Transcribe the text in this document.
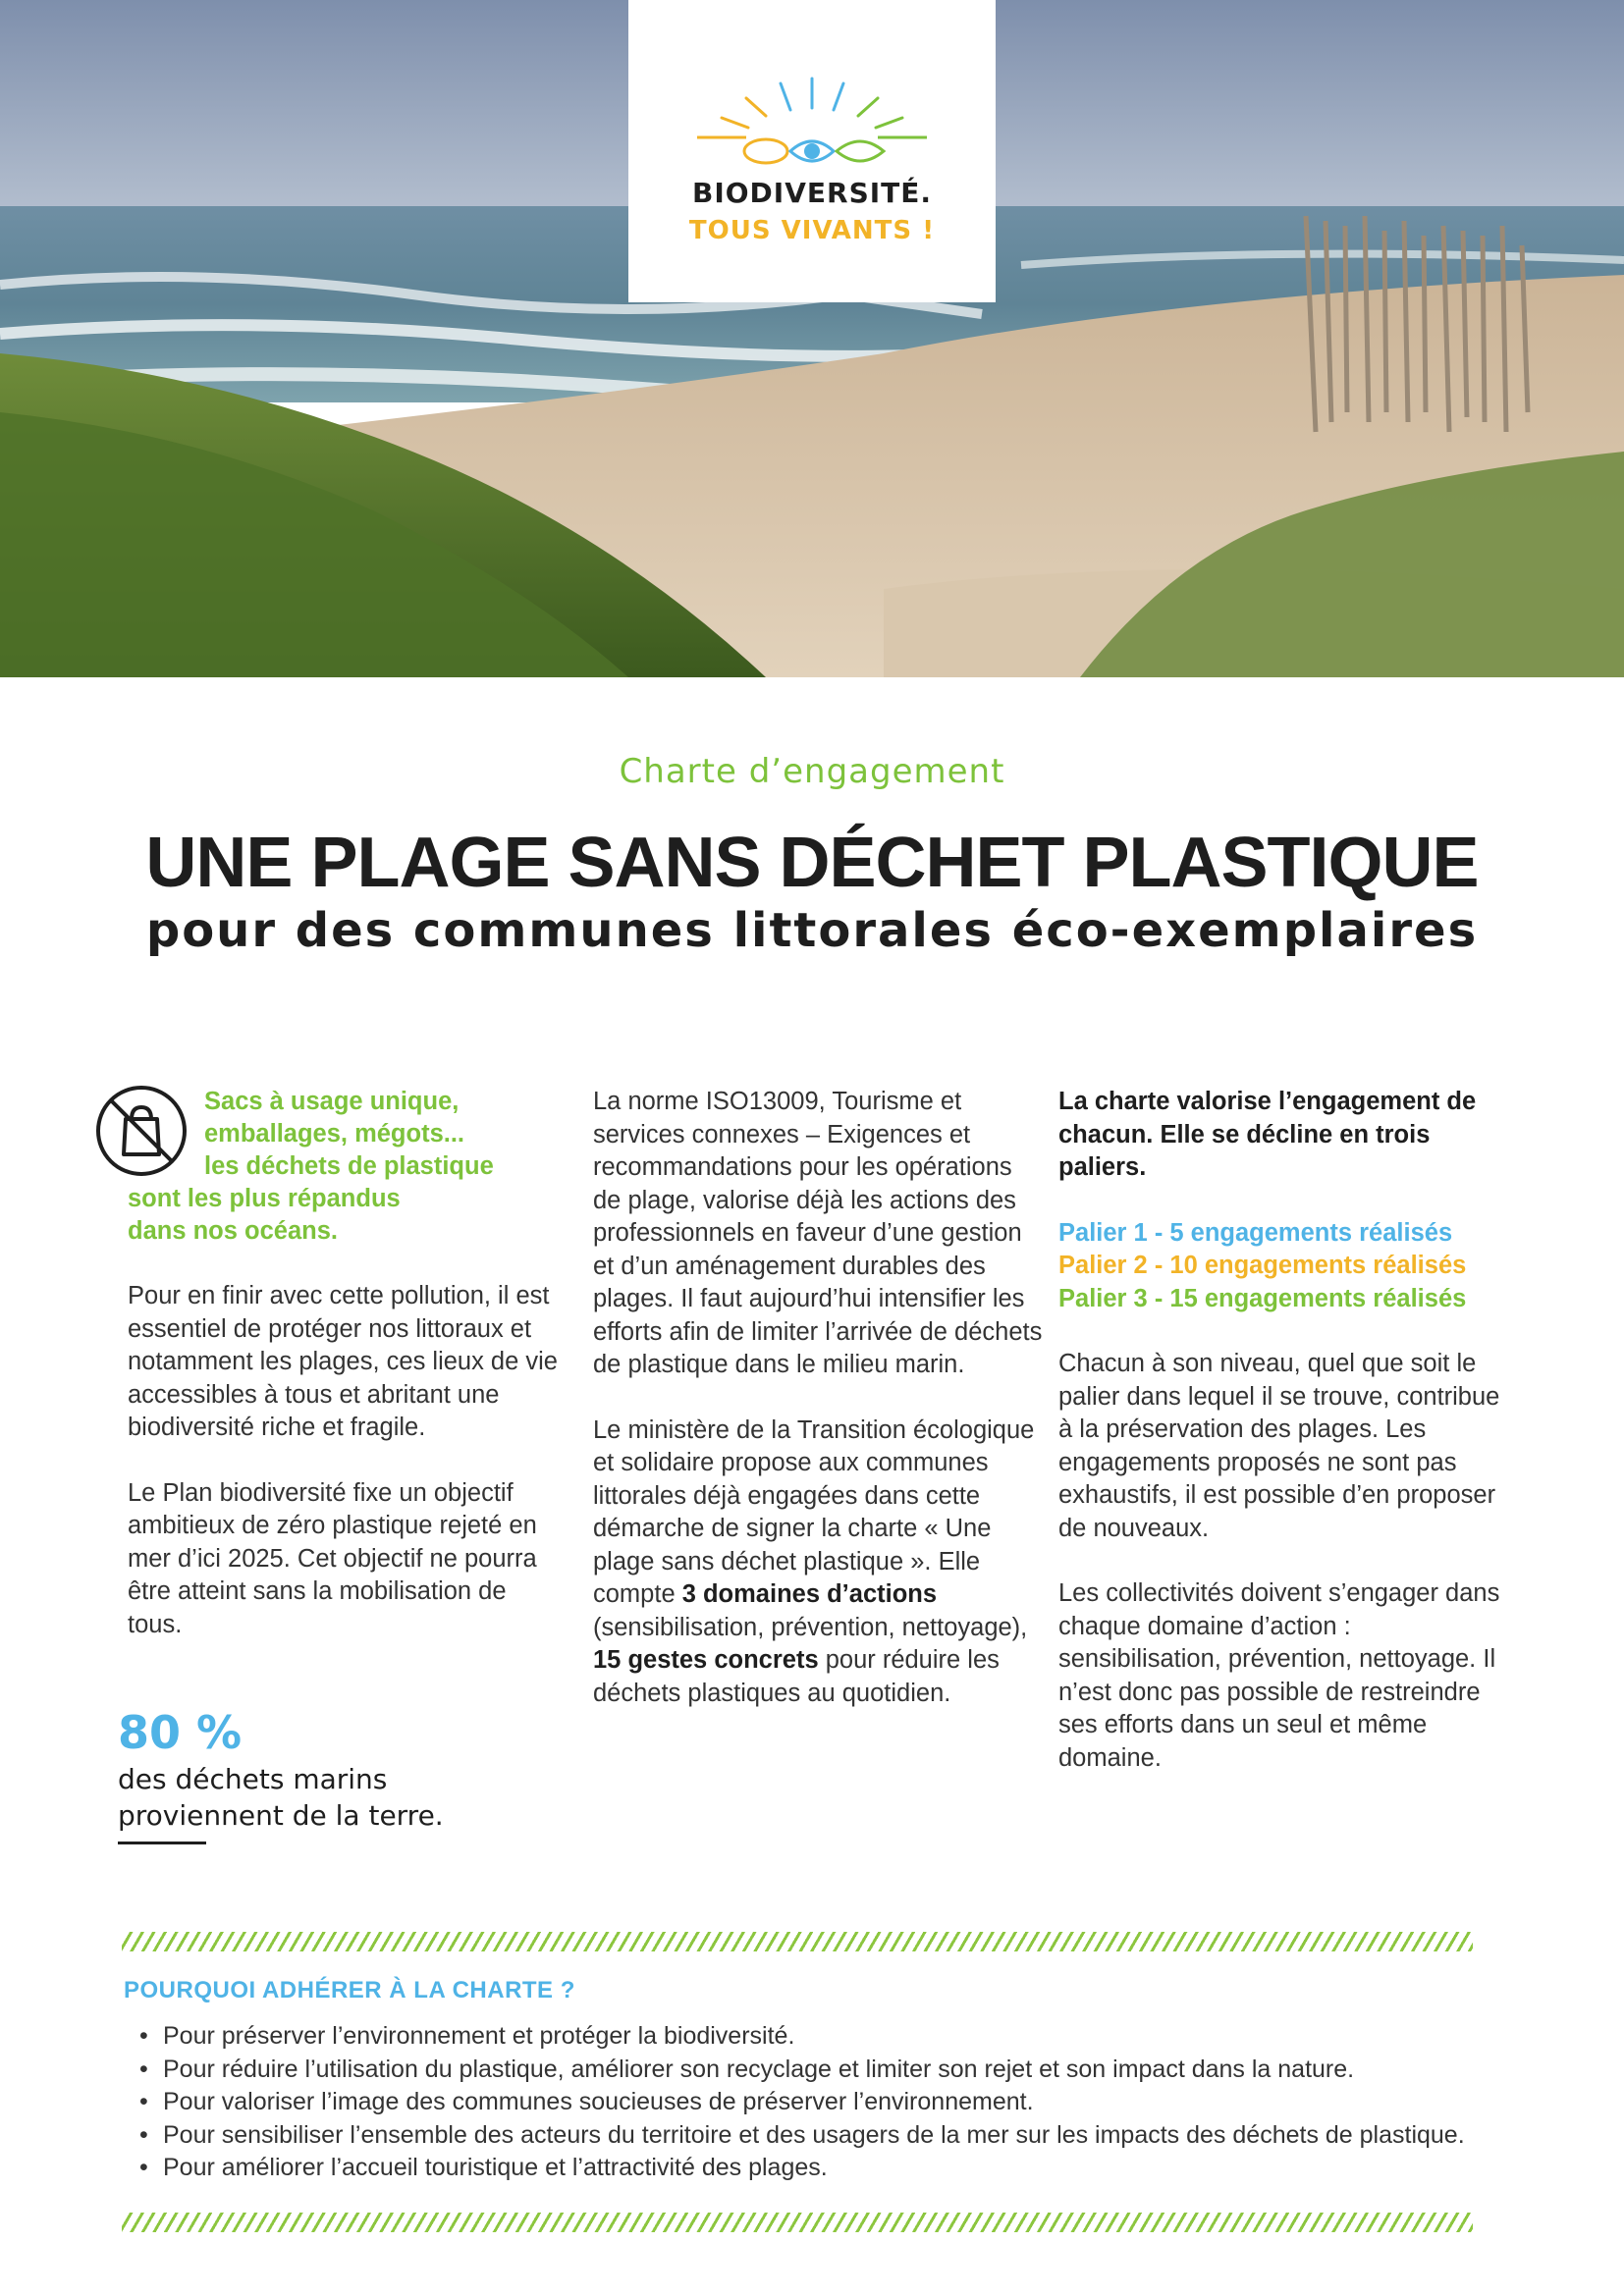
BIODIVERSITÉ.
TOUS VIVANTS !
Charte d’engagement
UNE PLAGE SANS DÉCHET PLASTIQUE
pour des communes littorales éco-exemplaires

Sacs à usage unique,
emballages, mégots...
les déchets de plastique
sont les plus répandus
dans nos océans.

Pour en finir avec cette pollution, il est essentiel de protéger nos littoraux et notamment les plages, ces lieux de vie accessibles à tous et abritant une biodiversité riche et fragile.

Le Plan biodiversité fixe un objectif ambitieux de zéro plastique rejeté en mer d’ici 2025. Cet objectif ne pourra être atteint sans la mobilisation de tous.

80 %
des déchets marins proviennent de la terre.

La norme ISO13009, Tourisme et services connexes – Exigences et recommandations pour les opérations de plage, valorise déjà les actions des professionnels en faveur d’une gestion et d’un aménagement durables des plages. Il faut aujourd’hui intensifier les efforts afin de limiter l’arrivée de déchets de plastique dans le milieu marin.

Le ministère de la Transition écologique et solidaire propose aux communes littorales déjà engagées dans cette démarche de signer la charte « Une plage sans déchet plastique ». Elle compte 3 domaines d’actions (sensibilisation, prévention, nettoyage), 15 gestes concrets pour réduire les déchets plastiques au quotidien.

La charte valorise l’engagement de chacun. Elle se décline en trois paliers.

Palier 1 - 5 engagements réalisés
Palier 2 - 10 engagements réalisés
Palier 3 - 15 engagements réalisés

Chacun à son niveau, quel que soit le palier dans lequel il se trouve, contribue à la préservation des plages. Les engagements proposés ne sont pas exhaustifs, il est possible d’en proposer de nouveaux.

Les collectivités doivent s’engager dans chaque domaine d’action : sensibilisation, prévention, nettoyage. Il n’est donc pas possible de restreindre ses efforts dans un seul et même domaine.

POURQUOI ADHÉRER À LA CHARTE ?
• Pour préserver l’environnement et protéger la biodiversité.
• Pour réduire l’utilisation du plastique, améliorer son recyclage et limiter son rejet et son impact dans la nature.
• Pour valoriser l’image des communes soucieuses de préserver l’environnement.
• Pour sensibiliser l’ensemble des acteurs du territoire et des usagers de la mer sur les impacts des déchets de plastique.
• Pour améliorer l’accueil touristique et l’attractivité des plages.
